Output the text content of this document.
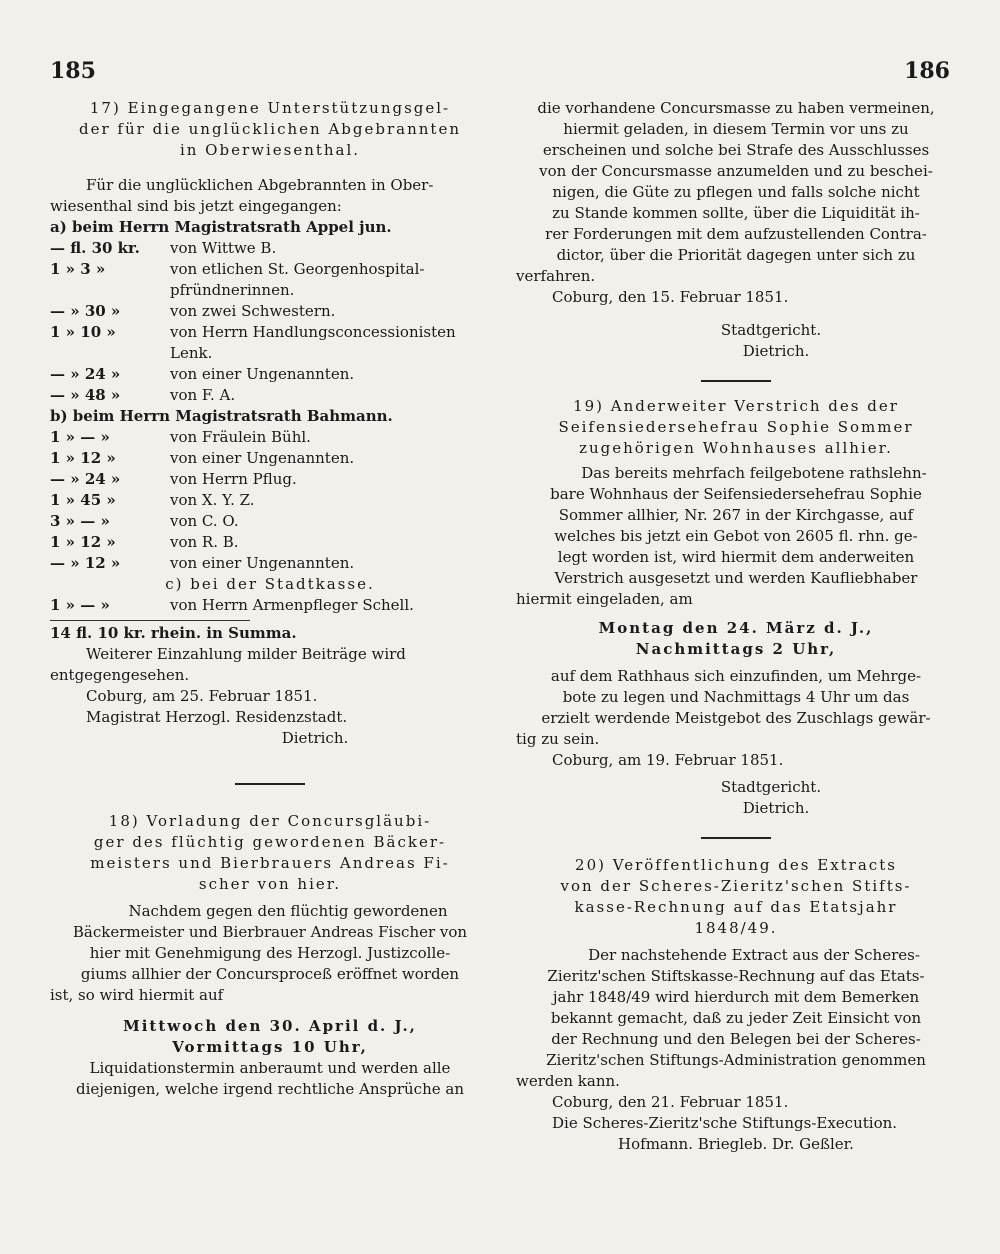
185	186

17) Eingegangene Unterstützungsgel-

der für die unglücklichen Abgebrannten

in Oberwiesenthal.

Für die unglücklichen Abgebrannten in Ober-

wiesenthal sind bis jetzt eingegangen:

a) beim Herrn Magistratsrath Appel jun.

— fl. 30 kr.	von Wittwe B.
1 » 3 »	von etlichen St. Georgenhospital-
pfründnerinnen.
— » 30 »	von zwei Schwestern.
1 » 10 »	von Herrn Handlungsconcessionisten
Lenk.
— » 24 »	von einer Ungenannten.
— » 48 »	von F. A.

b) beim Herrn Magistratsrath Bahmann.

1 » — »	von Fräulein Bühl.
1 » 12 »	von einer Ungenannten.
— » 24 »	von Herrn Pflug.
1 » 45 »	von X. Y. Z.
3 » — »	von C. O.
1 » 12 »	von R. B.
— » 12 »	von einer Ungenannten.

c) bei der Stadtkasse.

1 » — »	von Herrn Armenpfleger Schell.

14 fl. 10 kr. rhein. in Summa.

Weiterer Einzahlung milder Beiträge wird

entgegengesehen.

Coburg, am 25. Februar 1851.

Magistrat Herzogl. Residenzstadt.

Dietrich.

18) Vorladung der Concursgläubi-

ger des flüchtig gewordenen Bäcker-

meisters und Bierbrauers Andreas Fi-

scher von hier.

Nachdem gegen den flüchtig gewordenen

Bäckermeister und Bierbrauer Andreas Fischer von

hier mit Genehmigung des Herzogl. Justizcolle-

giums allhier der Concursproceß eröffnet worden

ist, so wird hiermit auf

Mittwoch den 30. April d. J.,

Vormittags 10 Uhr,

Liquidationstermin anberaumt und werden alle

diejenigen, welche irgend rechtliche Ansprüche an

die vorhandene Concursmasse zu haben vermeinen,

hiermit geladen, in diesem Termin vor uns zu

erscheinen und solche bei Strafe des Ausschlusses

von der Concursmasse anzumelden und zu beschei-

nigen, die Güte zu pflegen und falls solche nicht

zu Stande kommen sollte, über die Liquidität ih-

rer Forderungen mit dem aufzustellenden Contra-

dictor, über die Priorität dagegen unter sich zu

verfahren.

Coburg, den 15. Februar 1851.

Stadtgericht.

Dietrich.

19) Anderweiter Verstrich des der

Seifensiedersehefrau Sophie Sommer

zugehörigen Wohnhauses allhier.

Das bereits mehrfach feilgebotene rathslehn-

bare Wohnhaus der Seifensiedersehefrau Sophie

Sommer allhier, Nr. 267 in der Kirchgasse, auf

welches bis jetzt ein Gebot von 2605 fl. rhn. ge-

legt worden ist, wird hiermit dem anderweiten

Verstrich ausgesetzt und werden Kaufliebhaber

hiermit eingeladen, am

Montag den 24. März d. J.,

Nachmittags 2 Uhr,

auf dem Rathhaus sich einzufinden, um Mehrge-

bote zu legen und Nachmittags 4 Uhr um das

erzielt werdende Meistgebot des Zuschlags gewär-

tig zu sein.

Coburg, am 19. Februar 1851.

Stadtgericht.

Dietrich.

20) Veröffentlichung des Extracts

von der Scheres-Zieritz'schen Stifts-

kasse-Rechnung auf das Etatsjahr

1848/49.

Der nachstehende Extract aus der Scheres-

Zieritz'schen Stiftskasse-Rechnung auf das Etats-

jahr 1848/49 wird hierdurch mit dem Bemerken

bekannt gemacht, daß zu jeder Zeit Einsicht von

der Rechnung und den Belegen bei der Scheres-

Zieritz'schen Stiftungs-Administration genommen

werden kann.

Coburg, den 21. Februar 1851.

Die Scheres-Zieritz'sche Stiftungs-Execution.

Hofmann. Briegleb. Dr. Geßler.
